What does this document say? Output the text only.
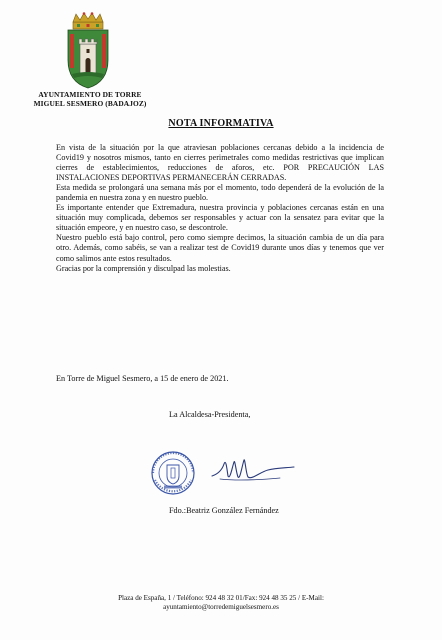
AYUNTAMIENTO DE TORRE
MIGUEL SESMERO (BADAJOZ)
NOTA INFORMATIVA

En vista de la situación por la que atraviesan poblaciones cercanas debido a la incidencia de Covid19 y nosotros mismos, tanto en cierres perimetrales como medidas restrictivas que implican cierres de establecimientos, reducciones de aforos, etc. POR PRECAUCIÓN LAS INSTALACIONES DEPORTIVAS PERMANECERÁN CERRADAS.

Esta medida se prolongará una semana más por el momento, todo dependerá de la evolución de la pandemia en nuestra zona y en nuestro pueblo.

Es importante entender que Extremadura, nuestra provincia y poblaciones cercanas están en una situación muy complicada, debemos ser responsables y actuar con la sensatez para evitar que la situación empeore, y en nuestro caso, se descontrole.

Nuestro pueblo está bajo control, pero como siempre decimos, la situación cambia de un día para otro. Además, como sabéis, se van a realizar test de Covid19 durante unos días y tenemos que ver como salimos ante estos resultados.

Gracias por la comprensión y disculpad las molestias.

En Torre de Miguel Sesmero, a 15 de enero de 2021.
La Alcaldesa-Presidenta,
Fdo.:Beatriz González Fernández
Plaza de España, 1 / Teléfono: 924 48 32 01/Fax: 924 48 35 25 / E-Mail:
ayuntamiento@torredemiguelsesmero.es
